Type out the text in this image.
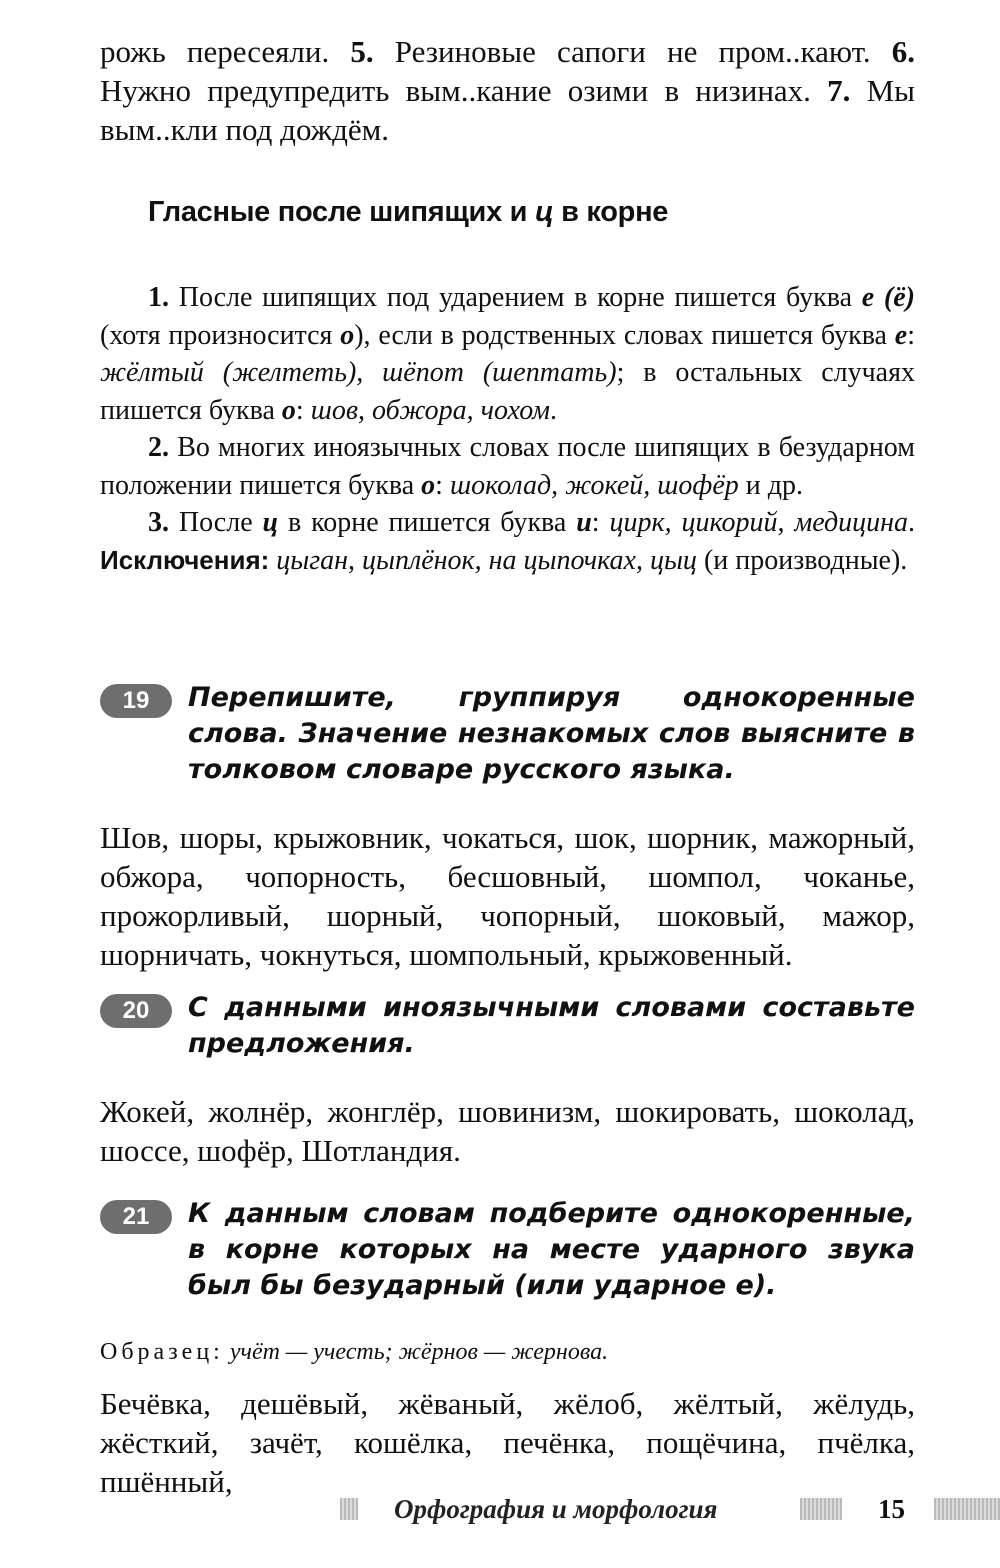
рожь пересеяли. 5. Резиновые сапоги не пром..кают. 6. Нужно предупредить вым..кание озими в низинах. 7. Мы вым..кли под дождём.
Гласные после шипящих и ц в корне

1. После шипящих под ударением в корне пишется буква е (ё) (хотя произносится о), если в родственных словах пишется буква е: жёлтый (желтеть), шёпот (шептать); в остальных случаях пишется буква о: шов, обжора, чохом.

2. Во многих иноязычных словах после шипящих в безударном положении пишется буква о: шоколад, жокей, шофёр и др.

3. После ц в корне пишется буква и: цирк, цикорий, медицина. Исключения: цыган, цыплёнок, на цыпочках, цыц (и производные).

19	Перепишите, группируя однокоренные слова. Значение незнакомых слов выясните в толковом словаре русского языка.
Шов, шоры, крыжовник, чокаться, шок, шорник, мажорный, обжора, чопорность, бесшовный, шомпол, чоканье, прожорливый, шорный, чопорный, шоковый, мажор, шорничать, чокнуться, шомпольный, крыжовенный.
20	С данными иноязычными словами составьте предложения.
Жокей, жолнёр, жонглёр, шовинизм, шокировать, шоколад, шоссе, шофёр, Шотландия.
21	К данным словам подберите однокоренные, в корне которых на месте ударного звука был бы безударный (или ударное е).
Образец: учёт — учесть; жёрнов — жернова.
Бечёвка, дешёвый, жёваный, жёлоб, жёлтый, жёлудь, жёсткий, зачёт, кошёлка, печёнка, пощёчина, пчёлка, пшённый,
Орфография и морфология	15
